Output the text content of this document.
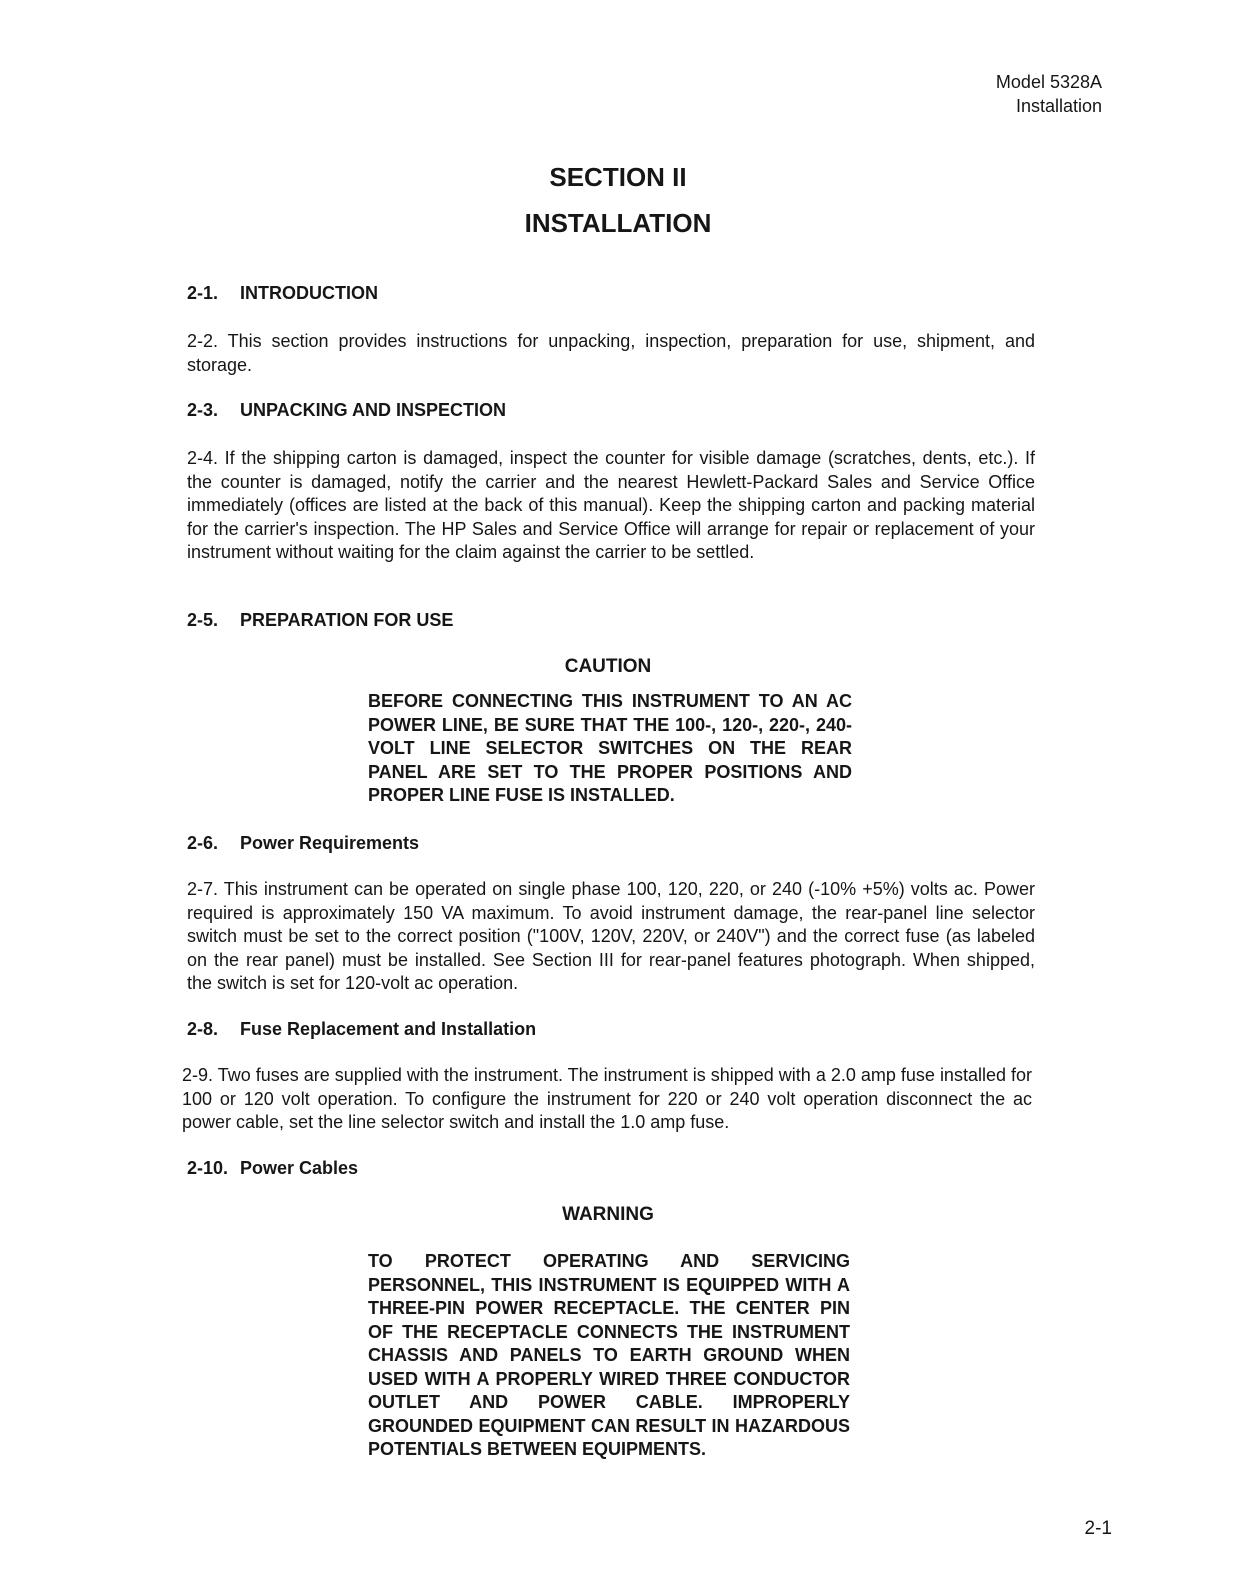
Model 5328A
Installation
SECTION II
INSTALLATION
2-1. INTRODUCTION
2-2. This section provides instructions for unpacking, inspection, preparation for use, shipment, and storage.
2-3. UNPACKING AND INSPECTION
2-4. If the shipping carton is damaged, inspect the counter for visible damage (scratches, dents, etc.). If the counter is damaged, notify the carrier and the nearest Hewlett-Packard Sales and Service Office immediately (offices are listed at the back of this manual). Keep the shipping carton and packing material for the carrier's inspection. The HP Sales and Service Office will arrange for repair or replacement of your instrument without waiting for the claim against the carrier to be settled.
2-5. PREPARATION FOR USE
CAUTION
BEFORE CONNECTING THIS INSTRUMENT TO AN AC POWER LINE, BE SURE THAT THE 100-, 120-, 220-, 240-VOLT LINE SELECTOR SWITCHES ON THE REAR PANEL ARE SET TO THE PROPER POSITIONS AND PROPER LINE FUSE IS INSTALLED.
2-6. Power Requirements
2-7. This instrument can be operated on single phase 100, 120, 220, or 240 (-10% +5%) volts ac. Power required is approximately 150 VA maximum. To avoid instrument damage, the rear-panel line selector switch must be set to the correct position ("100V, 120V, 220V, or 240V") and the correct fuse (as labeled on the rear panel) must be installed. See Section III for rear-panel features photograph. When shipped, the switch is set for 120-volt ac operation.
2-8. Fuse Replacement and Installation
2-9. Two fuses are supplied with the instrument. The instrument is shipped with a 2.0 amp fuse installed for 100 or 120 volt operation. To configure the instrument for 220 or 240 volt operation disconnect the ac power cable, set the line selector switch and install the 1.0 amp fuse.
2-10. Power Cables
WARNING
TO PROTECT OPERATING AND SERVICING PERSONNEL, THIS INSTRUMENT IS EQUIPPED WITH A THREE-PIN POWER RECEPTACLE. THE CENTER PIN OF THE RECEPTACLE CONNECTS THE INSTRUMENT CHASSIS AND PANELS TO EARTH GROUND WHEN USED WITH A PROPERLY WIRED THREE CONDUCTOR OUTLET AND POWER CABLE. IMPROPERLY GROUNDED EQUIPMENT CAN RESULT IN HAZARDOUS POTENTIALS BETWEEN EQUIPMENTS.
2-1
